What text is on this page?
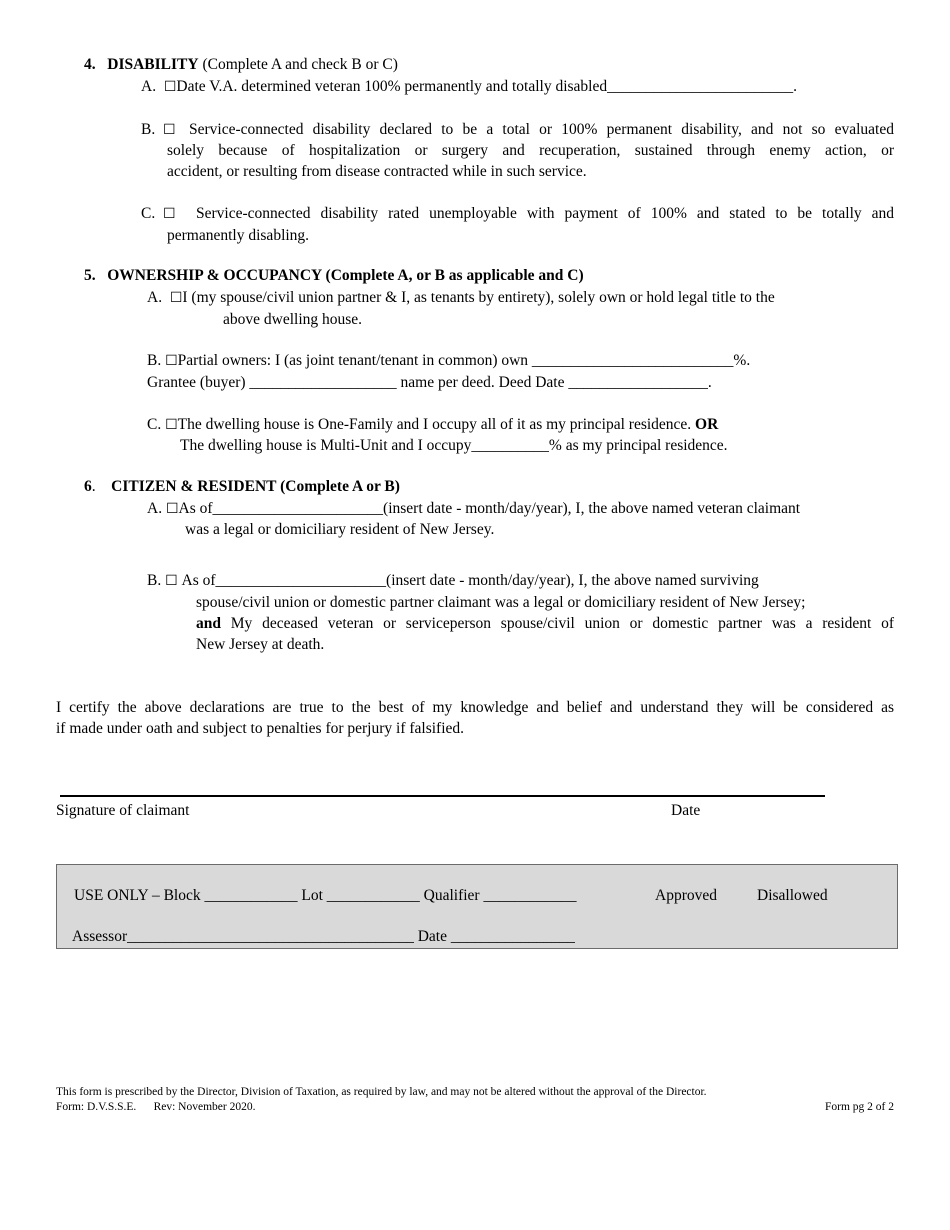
4. DISABILITY (Complete A and check B or C)
A. ☐Date V.A. determined veteran 100% permanently and totally disabled________________________.
B. ☐ Service-connected disability declared to be a total or 100% permanent disability, and not so evaluated
solely because of hospitalization or surgery and recuperation, sustained through enemy action, or
accident, or resulting from disease contracted while in such service.
C. ☐ Service-connected disability rated unemployable with payment of 100% and stated to be totally and
permanently disabling.
5. OWNERSHIP & OCCUPANCY (Complete A, or B as applicable and C)
A. ☐I (my spouse/civil union partner & I, as tenants by entirety), solely own or hold legal title to the
above dwelling house.
B. ☐Partial owners: I (as joint tenant/tenant in common) own __________________________%.
Grantee (buyer) ___________________ name per deed. Deed Date __________________.
C. ☐The dwelling house is One-Family and I occupy all of it as my principal residence. OR
The dwelling house is Multi-Unit and I occupy__________% as my principal residence.
6. CITIZEN & RESIDENT (Complete A or B)
A. ☐As of______________________(insert date - month/day/year), I, the above named veteran claimant
was a legal or domiciliary resident of New Jersey.
B. ☐ As of______________________(insert date - month/day/year), I, the above named surviving
spouse/civil union or domestic partner claimant was a legal or domiciliary resident of New Jersey;
and My deceased veteran or serviceperson spouse/civil union or domestic partner was a resident of
New Jersey at death.
I certify the above declarations are true to the best of my knowledge and belief and understand they will be considered as
if made under oath and subject to penalties for perjury if falsified.
Signature of claimant	Date
USE ONLY – Block ____________ Lot ____________ Qualifier ____________	Approved	Disallowed
Assessor_____________________________________ Date ________________
This form is prescribed by the Director, Division of Taxation, as required by law, and may not be altered without the approval of the Director.
Form: D.V.S.S.E. Rev: November 2020.	Form pg 2 of 2
